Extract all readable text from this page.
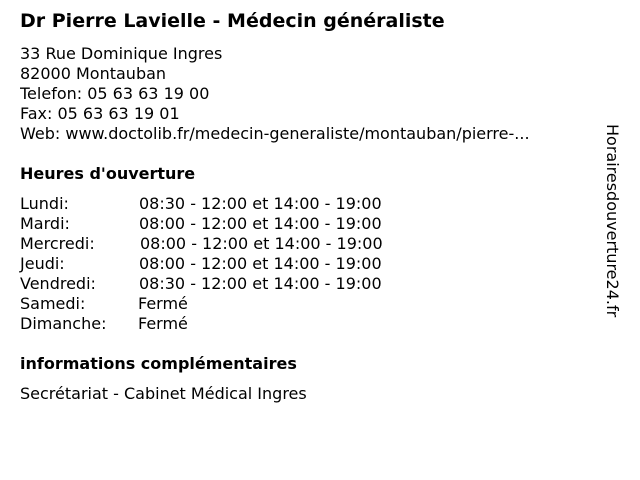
Dr Pierre Lavielle - Médecin généraliste
33 Rue Dominique Ingres
82000 Montauban
Telefon: 05 63 63 19 00
Fax: 05 63 63 19 01
Web: www.doctolib.fr/medecin-generaliste/montauban/pierre-...
Heures d'ouverture
Lundi:	08:30 - 12:00 et 14:00 - 19:00
Mardi:	08:00 - 12:00 et 14:00 - 19:00
Mercredi:	08:00 - 12:00 et 14:00 - 19:00
Jeudi:	08:00 - 12:00 et 14:00 - 19:00
Vendredi:	08:30 - 12:00 et 14:00 - 19:00
Samedi:	Fermé
Dimanche: Fermé
informations complémentaires
Secrétariat - Cabinet Médical Ingres
Horairesdouverture24.fr
